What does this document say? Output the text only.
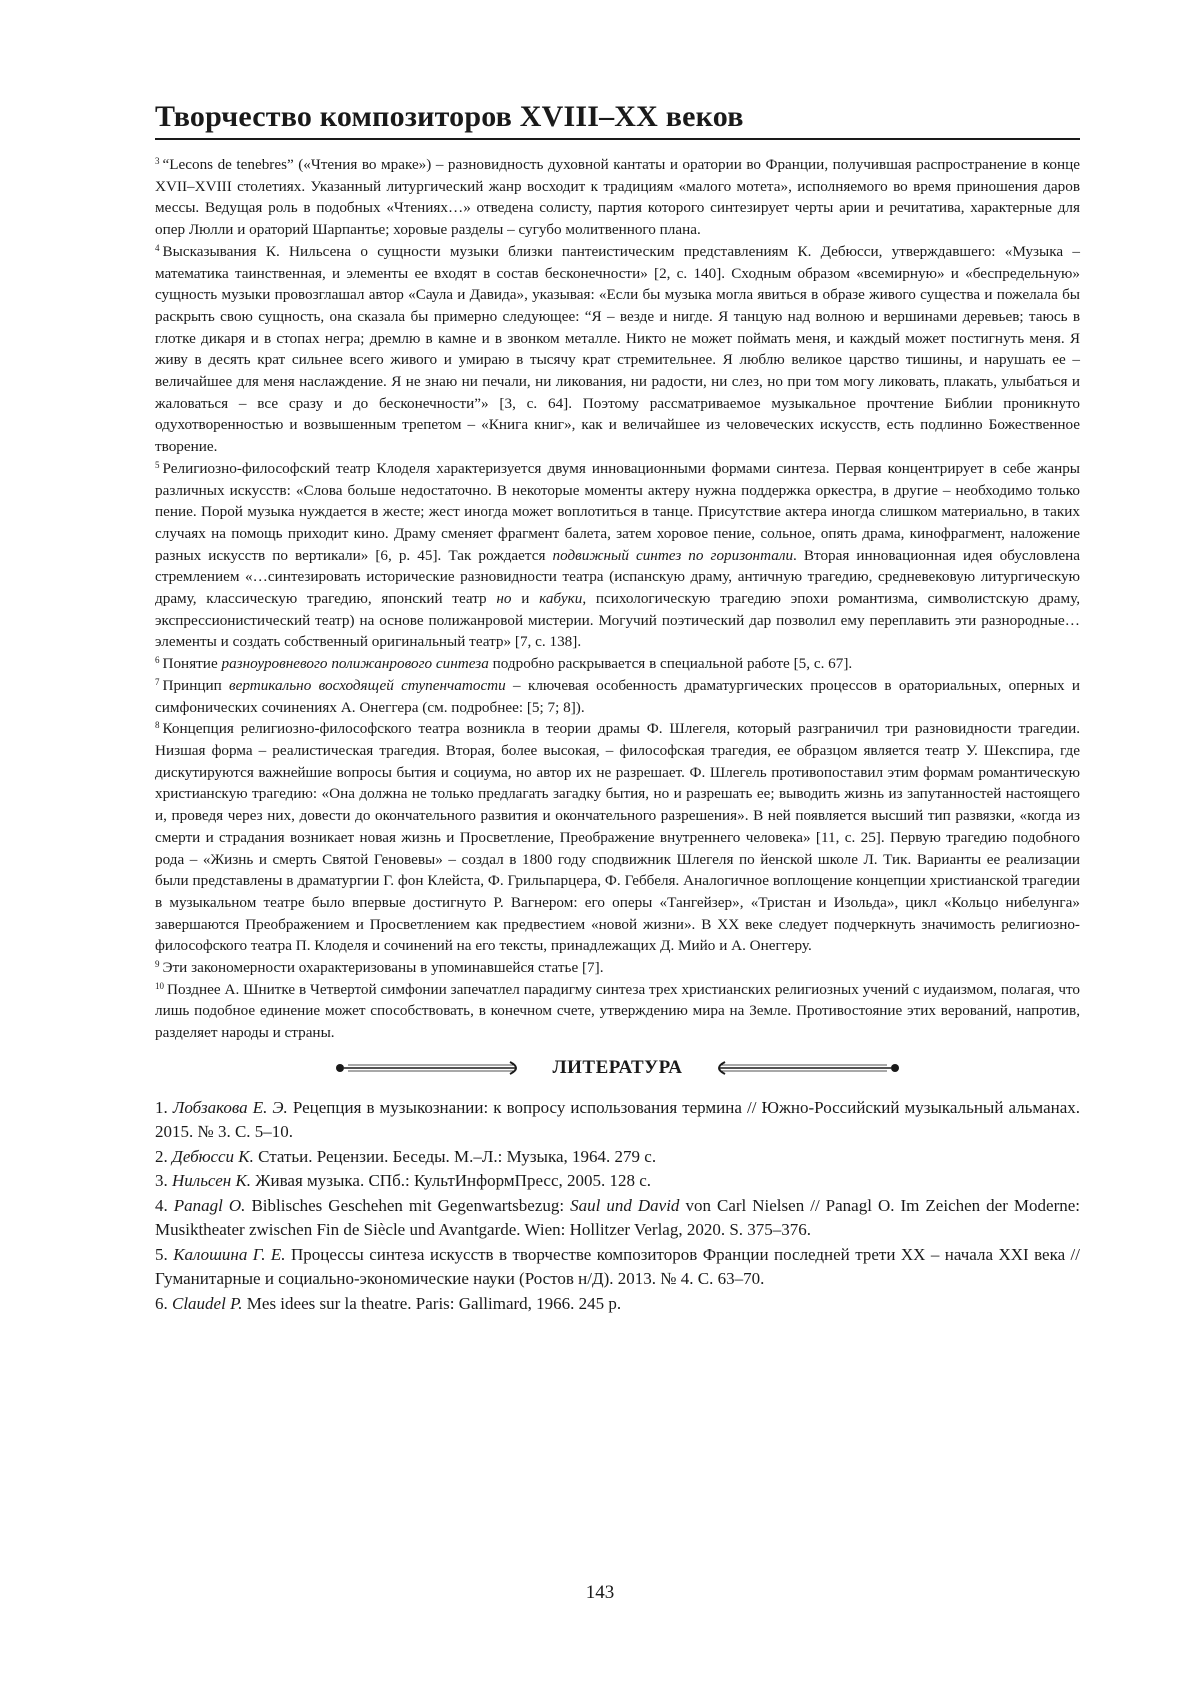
Творчество композиторов XVIII–XX веков

$^3$ “Lecons de tenebres” («Чтения во мраке») – разновидность духовной кантаты и оратории во Франции, получившая распространение в конце XVII–XVIII столетиях. Указанный литургический жанр восходит к традициям «малого мотета», исполняемого во время приношения даров мессы. Ведущая роль в подобных «Чтениях…» отведена солисту, партия которого синтезирует черты арии и речитатива, характерные для опер Люлли и ораторий Шарпантье; хоровые разделы – сугубо молитвенного плана.

$^4$ Высказывания К. Нильсена о сущности музыки близки пантеистическим представлениям К. Дебюсси, утверждавшего: «Музыка – математика таинственная, и элементы ее входят в состав бесконечности» [2, с. 140]. Сходным образом «всемирную» и «беспредельную» сущность музыки провозглашал автор «Саула и Давида», указывая: «Если бы музыка могла явиться в образе живого существа и пожелала бы раскрыть свою сущность, она сказала бы примерно следующее: “Я – везде и нигде. Я танцую над волною и вершинами деревьев; таюсь в глотке дикаря и в стопах негра; дремлю в камне и в звонком металле. Никто не может поймать меня, и каждый может постигнуть меня. Я живу в десять крат сильнее всего живого и умираю в тысячу крат стремительнее. Я люблю великое царство тишины, и нарушать ее – величайшее для меня наслаждение. Я не знаю ни печали, ни ликования, ни радости, ни слез, но при том могу ликовать, плакать, улыбаться и жаловаться – все сразу и до бесконечности”» [3, с. 64]. Поэтому рассматриваемое музыкальное прочтение Библии проникнуто одухотворенностью и возвышенным трепетом – «Книга книг», как и величайшее из человеческих искусств, есть подлинно Божественное творение.

$^5$ Религиозно-философский театр Клоделя характеризуется двумя инновационными формами синтеза. Первая концентрирует в себе жанры различных искусств: «Слова больше недостаточно. В некоторые моменты актеру нужна поддержка оркестра, в другие – необходимо только пение. Порой музыка нуждается в жесте; жест иногда может воплотиться в танце. Присутствие актера иногда слишком материально, в таких случаях на помощь приходит кино. Драму сменяет фрагмент балета, затем хоровое пение, сольное, опять драма, кинофрагмент, наложение разных искусств по вертикали» [6, p. 45]. Так рождается подвижный синтез по горизонтали. Вторая инновационная идея обусловлена стремлением «…синтезировать исторические разновидности театра (испанскую драму, античную трагедию, средневековую литургическую драму, классическую трагедию, японский театр но и кабуки, психологическую трагедию эпохи романтизма, символистскую драму, экспрессионистический театр) на основе полижанровой мистерии. Могучий поэтический дар позволил ему переплавить эти разнородные… элементы и создать собственный оригинальный театр» [7, с. 138].

$^6$ Понятие разноуровневого полижанрового синтеза подробно раскрывается в специальной работе [5, с. 67].

$^7$ Принцип вертикально восходящей ступенчатости – ключевая особенность драматургических процессов в ораториальных, оперных и симфонических сочинениях А. Онеггера (см. подробнее: [5; 7; 8]).

$^8$ Концепция религиозно-философского театра возникла в теории драмы Ф. Шлегеля, который разграничил три разновидности трагедии. Низшая форма – реалистическая трагедия. Вторая, более высокая, – философская трагедия, ее образцом является театр У. Шекспира, где дискутируются важнейшие вопросы бытия и социума, но автор их не разрешает. Ф. Шлегель противопоставил этим формам романтическую христианскую трагедию: «Она должна не только предлагать загадку бытия, но и разрешать ее; выводить жизнь из запутанностей настоящего и, проведя через них, довести до окончательного развития и окончательного разрешения». В ней появляется высший тип развязки, «когда из смерти и страдания возникает новая жизнь и Просветление, Преображение внутреннего человека» [11, с. 25]. Первую трагедию подобного рода – «Жизнь и смерть Святой Геновевы» – создал в 1800 году сподвижник Шлегеля по йенской школе Л. Тик. Варианты ее реализации были представлены в драматургии Г. фон Клейста, Ф. Грильпарцера, Ф. Геббеля. Аналогичное воплощение концепции христианской трагедии в музыкальном театре было впервые достигнуто Р. Вагнером: его оперы «Тангейзер», «Тристан и Изольда», цикл «Кольцо нибелунга» завершаются Преображением и Просветлением как предвестием «новой жизни». В XX веке следует подчеркнуть значимость религиозно-философского театра П. Клоделя и сочинений на его тексты, принадлежащих Д. Мийо и А. Онеггеру.

$^9$ Эти закономерности охарактеризованы в упоминавшейся статье [7].

$^{10}$ Позднее А. Шнитке в Четвертой симфонии запечатлел парадигму синтеза трех христианских религиозных учений с иудаизмом, полагая, что лишь подобное единение может способствовать, в конечном счете, утверждению мира на Земле. Противостояние этих верований, напротив, разделяет народы и страны.

ЛИТЕРАТУРА
1. Лобзакова Е. Э. Рецепция в музыкознании: к вопросу использования термина // Южно-Российский музыкальный альманах. 2015. № 3. С. 5–10.
2. Дебюсси К. Статьи. Рецензии. Беседы. М.–Л.: Музыка, 1964. 279 с.
3. Нильсен К. Живая музыка. СПб.: КультИнформПресс, 2005. 128 с.
4. Panagl O. Biblisches Geschehen mit Gegenwartsbezug: Saul und David von Carl Nielsen // Panagl O. Im Zeichen der Moderne: Musiktheater zwischen Fin de Siècle und Avantgarde. Wien: Hollitzer Verlag, 2020. S. 375–376.
5. Калошина Г. Е. Процессы синтеза искусств в творчестве композиторов Франции последней трети XX – начала XXI века // Гуманитарные и социально-экономические науки (Ростов н/Д). 2013. № 4. С. 63–70.
6. Claudel P. Mes idees sur la theatre. Paris: Gallimard, 1966. 245 p.
143
